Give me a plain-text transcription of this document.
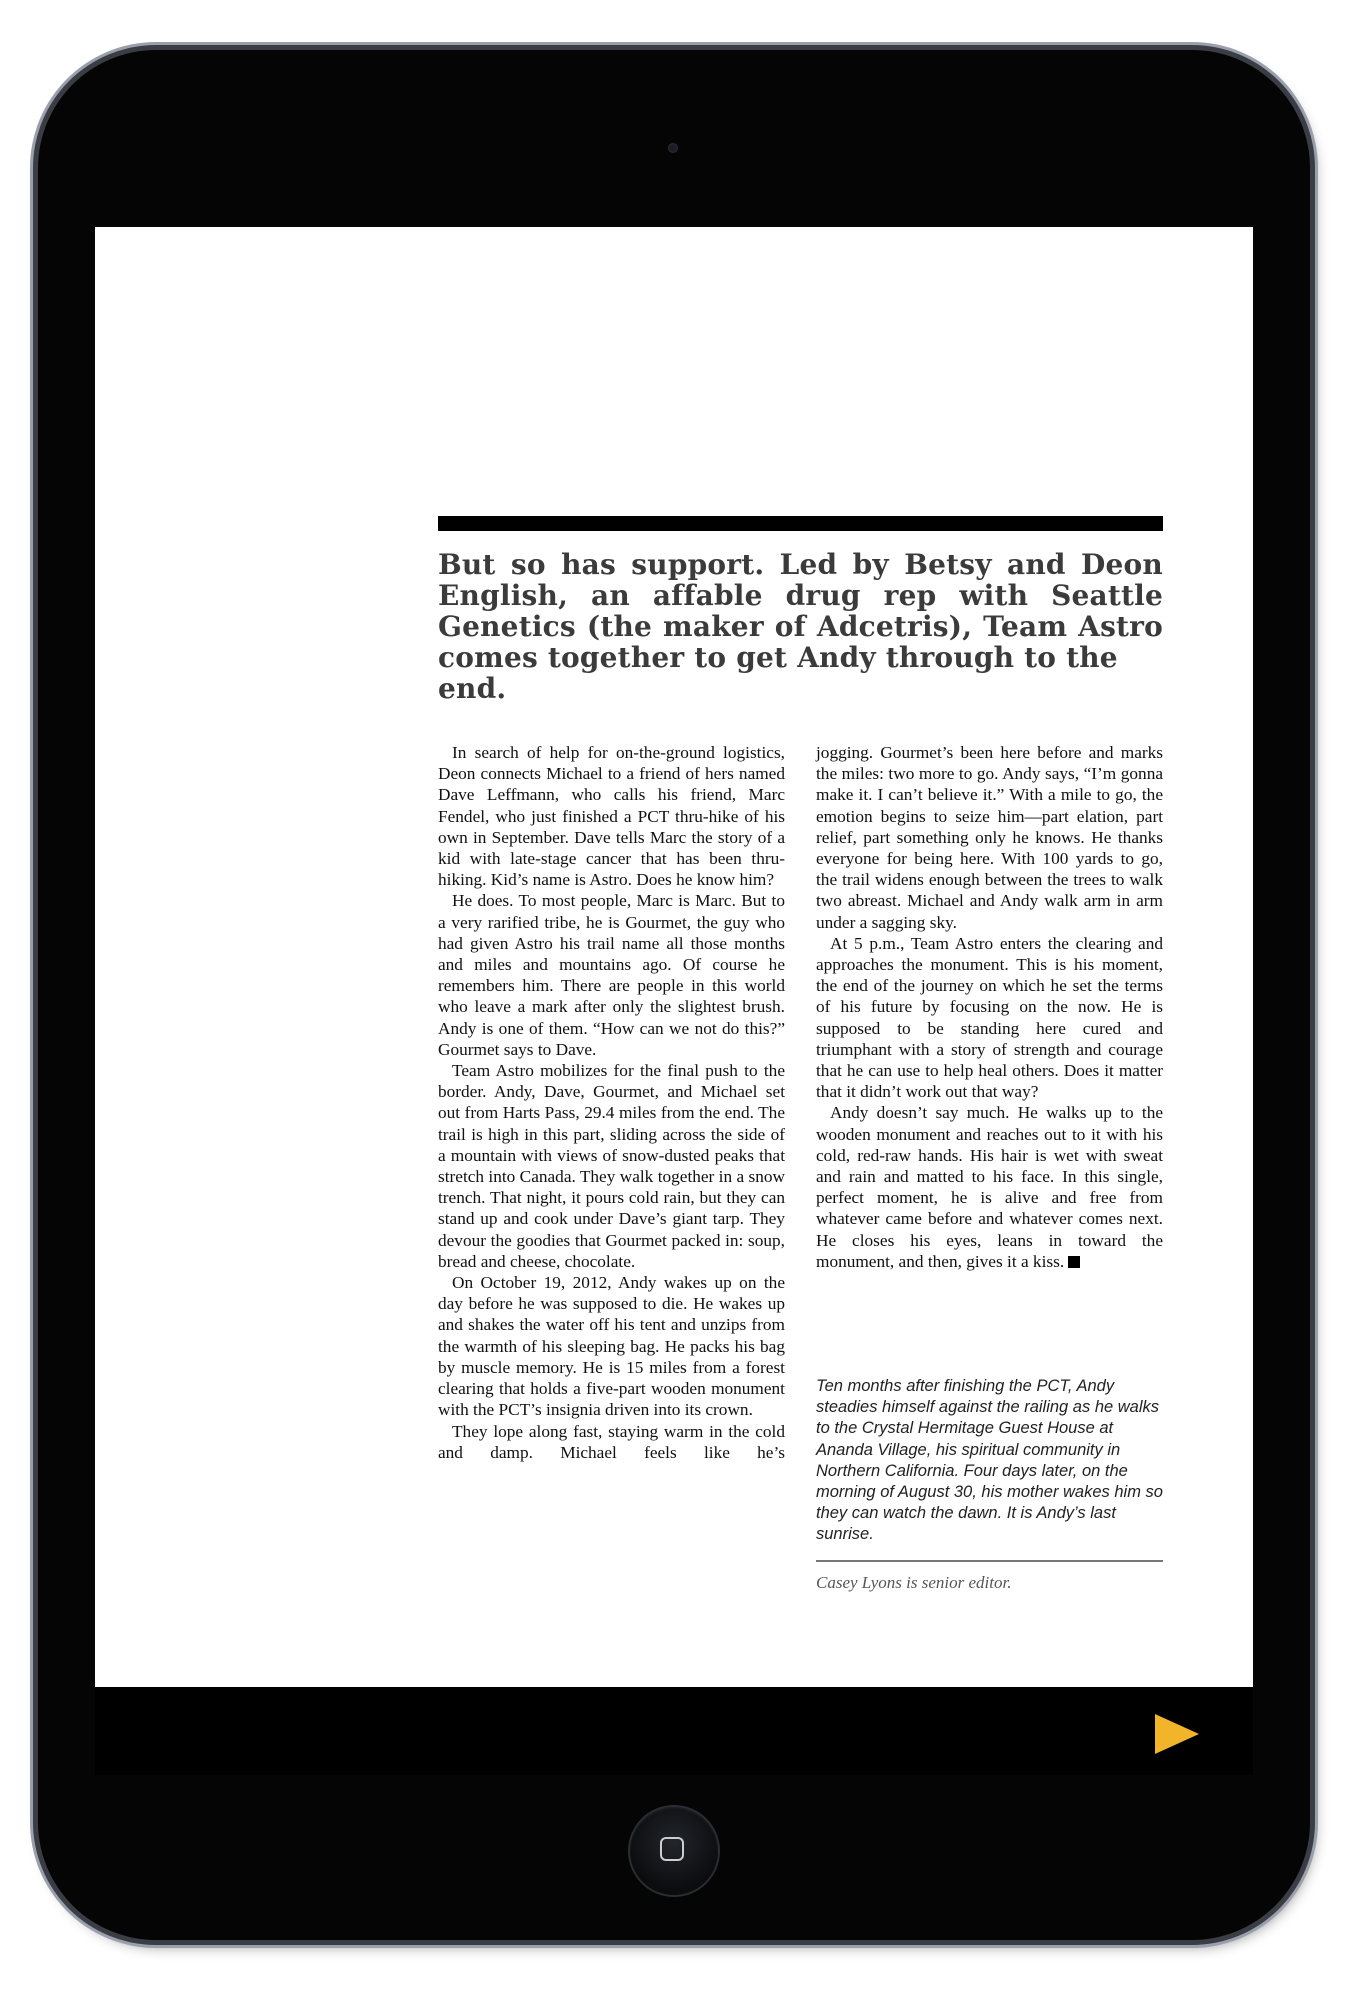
But so has support. Led by Betsy and Deon
English, an affable drug rep with Seattle
Genetics (the maker of Adcetris), Team Astro
comes together to get Andy through to the end.

In search of help for on-the-ground logistics, Deon connects Michael to a friend of hers named Dave Leffmann, who calls his friend, Marc Fendel, who just finished a PCT thru-hike of his own in September. Dave tells Marc the story of a kid with late-stage cancer that has been thru-hiking. Kid’s name is Astro. Does he know him?

He does. To most people, Marc is Marc. But to a very rarified tribe, he is Gourmet, the guy who had given Astro his trail name all those months and miles and mountains ago. Of course he remembers him. There are people in this world who leave a mark after only the slightest brush. Andy is one of them. “How can we not do this?” Gourmet says to Dave.

Team Astro mobilizes for the final push to the border. Andy, Dave, Gourmet, and Michael set out from Harts Pass, 29.4 miles from the end. The trail is high in this part, sliding across the side of a mountain with views of snow-dusted peaks that stretch into Canada. They walk together in a snow trench. That night, it pours cold rain, but they can stand up and cook under Dave’s giant tarp. They devour the goodies that Gourmet packed in: soup, bread and cheese, chocolate.

On October 19, 2012, Andy wakes up on the day before he was supposed to die. He wakes up and shakes the water off his tent and unzips from the warmth of his sleeping bag. He packs his bag by muscle memory. He is 15 miles from a forest clearing that holds a five-part wooden monument with the PCT’s insignia driven into its crown.

They lope along fast, staying warm in the cold and damp. Michael feels like he’s

jogging. Gourmet’s been here before and marks the miles: two more to go. Andy says, “I’m gonna make it. I can’t believe it.” With a mile to go, the emotion begins to seize him—part elation, part relief, part something only he knows. He thanks everyone for being here. With 100 yards to go, the trail widens enough between the trees to walk two abreast. Michael and Andy walk arm in arm under a sagging sky.

At 5 p.m., Team Astro enters the clearing and approaches the monument. This is his moment, the end of the journey on which he set the terms of his future by focusing on the now. He is supposed to be standing here cured and triumphant with a story of strength and courage that he can use to help heal others. Does it matter that it didn’t work out that way?

Andy doesn’t say much. He walks up to the wooden monument and reaches out to it with his cold, red-raw hands. His hair is wet with sweat and rain and matted to his face. In this single, perfect moment, he is alive and free from whatever came before and whatever comes next. He closes his eyes, leans in toward the monument, and then, gives it a kiss.

Ten months after finishing the PCT, Andy steadies himself against the railing as he walks to the Crystal Hermitage Guest House at Ananda Village, his spiritual community in Northern California. Four days later, on the morning of August 30, his mother wakes him so they can watch the dawn. It is Andy’s last sunrise.

Casey Lyons is senior editor.
